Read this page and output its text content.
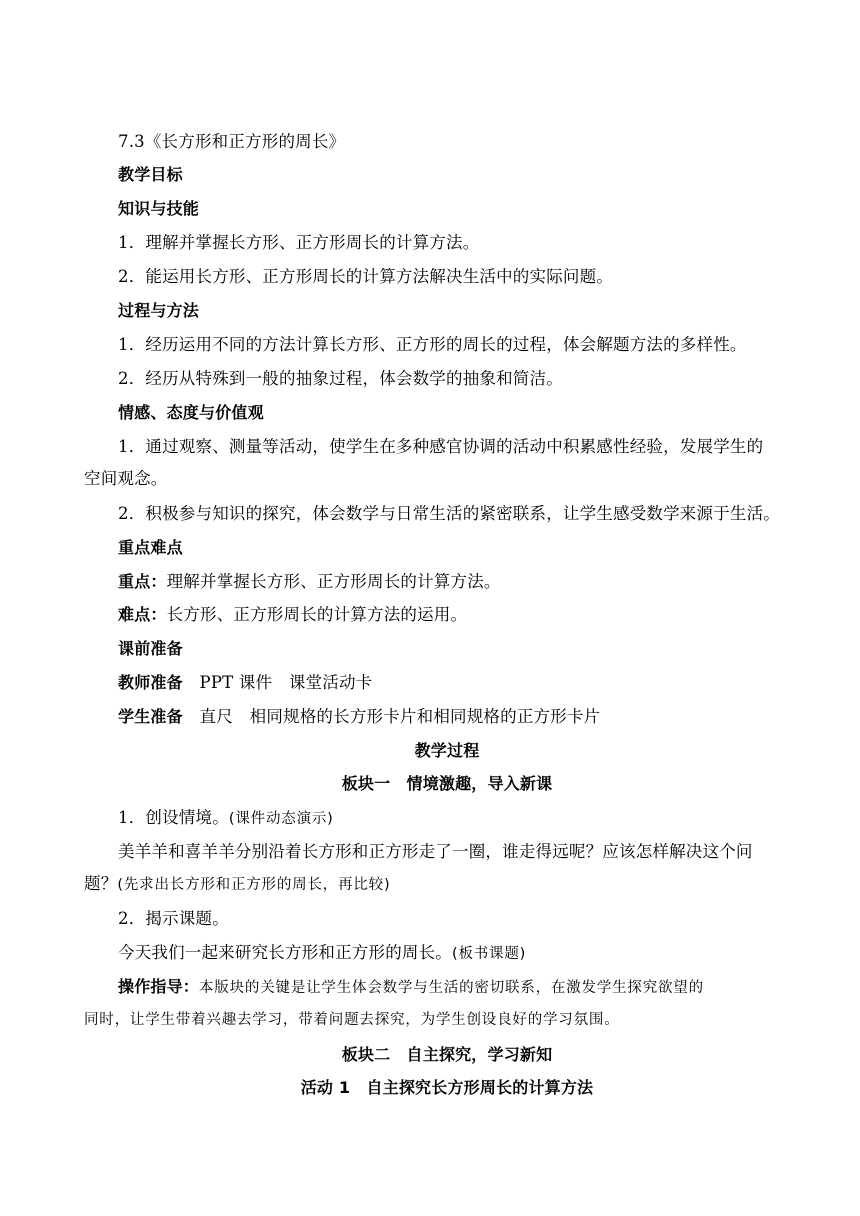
7.3《长方形和正方形的周长》
教学目标
知识与技能
1．理解并掌握长方形、正方形周长的计算方法。
2．能运用长方形、正方形周长的计算方法解决生活中的实际问题。
过程与方法
1．经历运用不同的方法计算长方形、正方形的周长的过程，体会解题方法的多样性。
2．经历从特殊到一般的抽象过程，体会数学的抽象和简洁。
情感、态度与价值观
1．通过观察、测量等活动，使学生在多种感官协调的活动中积累感性经验，发展学生的
空间观念。
2．积极参与知识的探究，体会数学与日常生活的紧密联系，让学生感受数学来源于生活。
重点难点
重点：理解并掌握长方形、正方形周长的计算方法。
难点：长方形、正方形周长的计算方法的运用。
课前准备
教师准备　 PPT 课件　课堂活动卡
学生准备　 直尺　相同规格的长方形卡片和相同规格的正方形卡片
教学过程
板块一　情境激趣，导入新课
1．创设情境。(课件动态演示)
美羊羊和喜羊羊分别沿着长方形和正方形走了一圈，谁走得远呢？应该怎样解决这个问
题？(先求出长方形和正方形的周长，再比较)
2．揭示课题。
今天我们一起来研究长方形和正方形的周长。(板书课题)
操作指导：本版块的关键是让学生体会数学与生活的密切联系，在激发学生探究欲望的
同时，让学生带着兴趣去学习，带着问题去探究，为学生创设良好的学习氛围。
板块二　自主探究，学习新知
活动 1　自主探究长方形周长的计算方法
